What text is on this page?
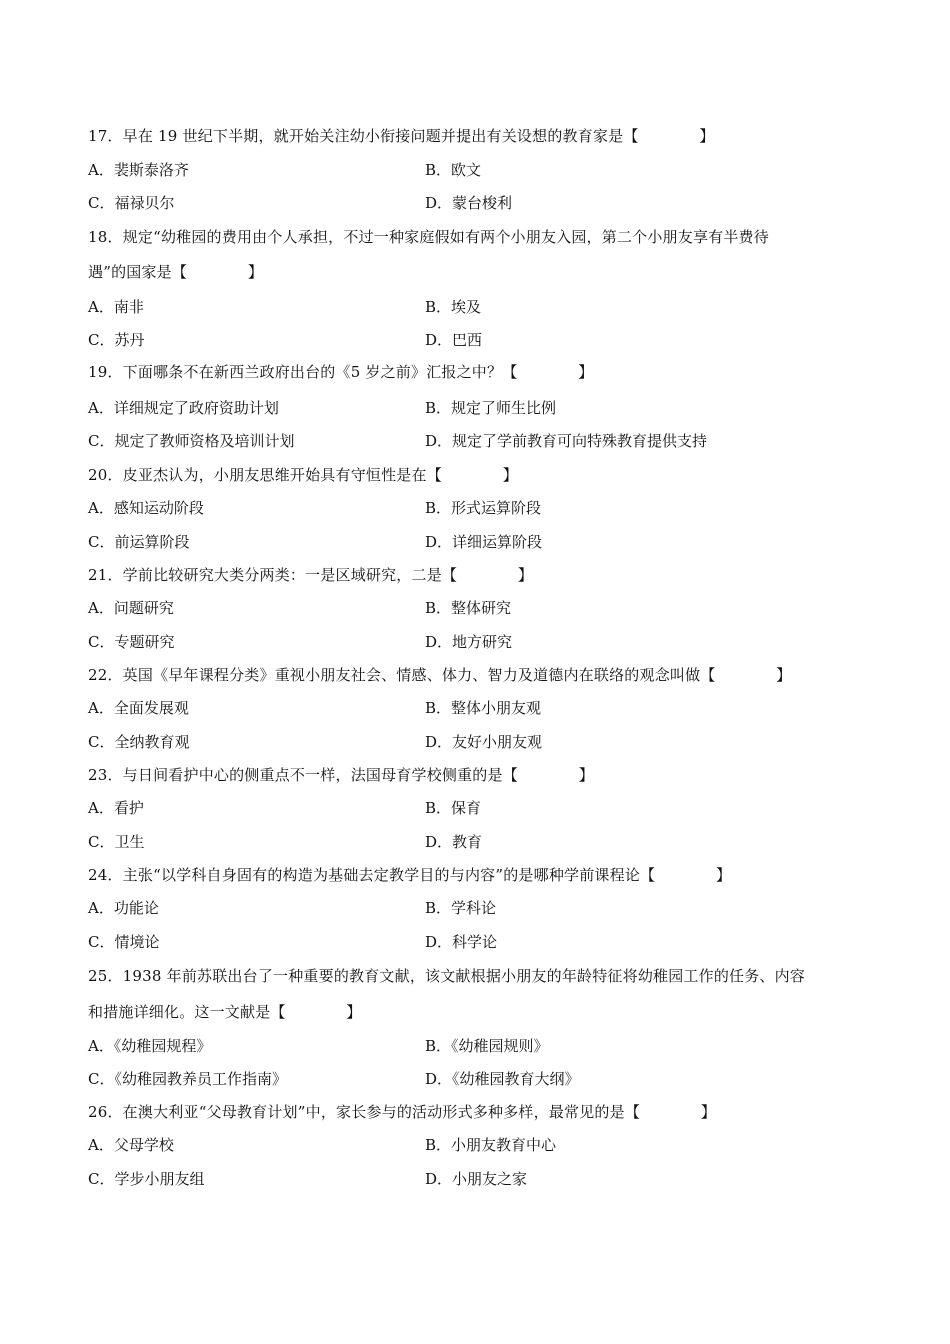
17．早在 19 世纪下半期，就开始关注幼小衔接问题并提出有关设想的教育家是【　　　　】
A．裴斯泰洛齐	B．欧文
C．福禄贝尔	D．蒙台梭利
18．规定“幼稚园的费用由个人承担，不过一种家庭假如有两个小朋友入园，第二个小朋友享有半费待
遇”的国家是【　　　　】
A．南非	B．埃及
C．苏丹	D．巴西
19．下面哪条不在新西兰政府出台的《5 岁之前》汇报之中？【　　　　】
A．详细规定了政府资助计划	B．规定了师生比例
C．规定了教师资格及培训计划	D．规定了学前教育可向特殊教育提供支持
20．皮亚杰认为，小朋友思维开始具有守恒性是在【　　　　】
A．感知运动阶段	B．形式运算阶段
C．前运算阶段	D．详细运算阶段
21．学前比较研究大类分两类：一是区域研究，二是【　　　　】
A．问题研究	B．整体研究
C．专题研究	D．地方研究
22．英国《早年课程分类》重视小朋友社会、情感、体力、智力及道德内在联络的观念叫做【　　　　】
A．全面发展观	B．整体小朋友观
C．全纳教育观	D．友好小朋友观
23．与日间看护中心的侧重点不一样，法国母育学校侧重的是【　　　　】
A．看护	B．保育
C．卫生	D．教育
24．主张“以学科自身固有的构造为基础去定教学目的与内容”的是哪种学前课程论【　　　　】
A．功能论	B．学科论
C．情境论	D．科学论
25．1938 年前苏联出台了一种重要的教育文献，该文献根据小朋友的年龄特征将幼稚园工作的任务、内容
和措施详细化。这一文献是【　　　　】
A．《幼稚园规程》	B．《幼稚园规则》
C．《幼稚园教养员工作指南》	D．《幼稚园教育大纲》
26．在澳大利亚“父母教育计划”中，家长参与的活动形式多种多样，最常见的是【　　　　】
A．父母学校	B．小朋友教育中心
C．学步小朋友组	D．小朋友之家
